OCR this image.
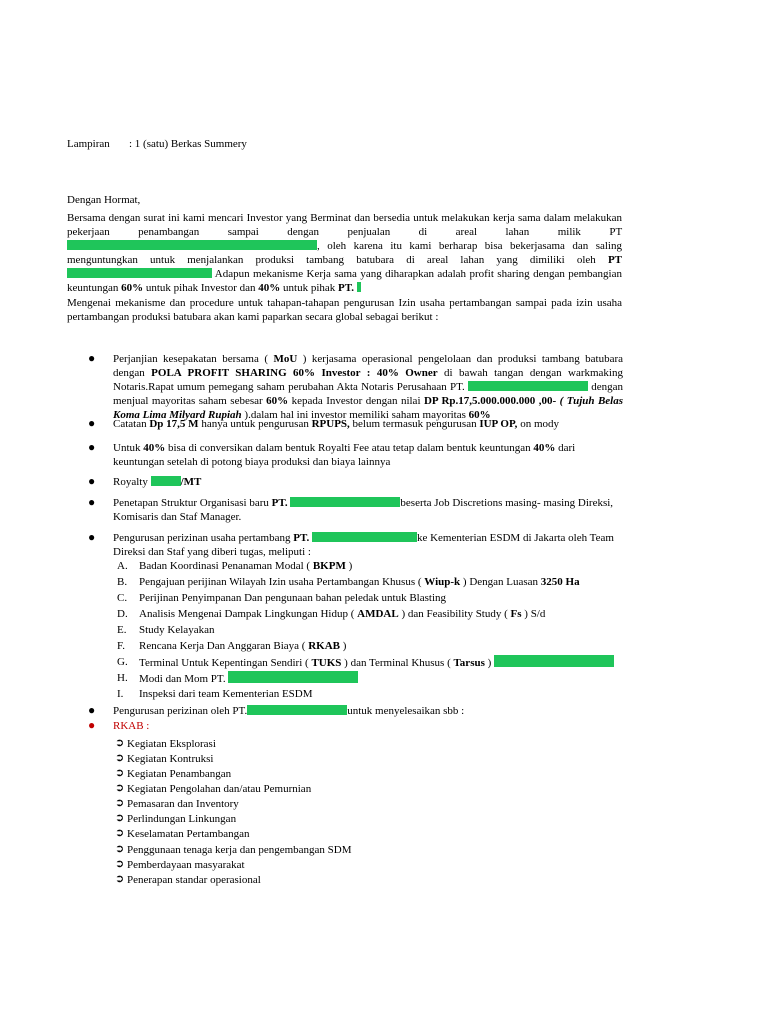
Lampiran : 1 (satu) Berkas Summery

Dengan Hormat,

Bersama dengan surat ini kami mencari Investor yang Berminat dan bersedia untuk melakukan kerja sama dalam melakukan pekerjaan penambangan sampai dengan penjualan di areal lahan milik PT , oleh karena itu kami berharap bisa bekerjasama dan saling menguntungkan untuk menjalankan produksi tambang batubara di areal lahan yang dimiliki oleh PT  Adapun mekanisme Kerja sama yang diharapkan adalah profit sharing dengan pembangian keuntungan 60% untuk pihak Investor dan 40% untuk pihak PT.

Mengenai mekanisme dan procedure untuk tahapan-tahapan pengurusan Izin usaha pertambangan sampai pada izin usaha pertambangan produksi batubara akan kami paparkan secara global sebagai berikut :

● Perjanjian kesepakatan bersama ( MoU ) kerjasama operasional pengelolaan dan produksi tambang batubara dengan POLA PROFIT SHARING 60% Investor : 40% Owner di bawah tangan dengan warkmaking Notaris.Rapat umum pemegang saham perubahan Akta Notaris Perusahaan PT.	dengan menjual mayoritas saham sebesar 60% kepada Investor dengan nilai DP Rp.17,5.000.000.000 ,00- ( Tujuh Belas Koma Lima Milyard Rupiah ).dalam hal ini investor memiliki saham mayoritas 60%
● Catatan Dp 17,5 M hanya untuk pengurusan RPUPS, belum termasuk pengurusan IUP OP, on mody
● Untuk 40% bisa di conversikan dalam bentuk Royalti Fee atau tetap dalam bentuk keuntungan 40% dari keuntungan setelah di potong biaya produksi dan biaya lainnya
● Royalty	/MT
● Penetapan Struktur Organisasi baru PT.	beserta Job Discretions masing- masing Direksi, Komisaris dan Staf Manager.
● Pengurusan perizinan usaha pertambang PT.	ke Kementerian ESDM di Jakarta oleh Team Direksi dan Staf yang diberi tugas, meliputi :
A. Badan Koordinasi Penanaman Modal ( BKPM )
B. Pengajuan perijinan Wilayah Izin usaha Pertambangan Khusus ( Wiup-k ) Dengan Luasan 3250 Ha
C. Perijinan Penyimpanan Dan pengunaan bahan peledak untuk Blasting
D. Analisis Mengenai Dampak Lingkungan Hidup ( AMDAL ) dan Feasibility Study ( Fs ) S/d
E. Study Kelayakan
F. Rencana Kerja Dan Anggaran Biaya ( RKAB )
G. Terminal Untuk Kepentingan Sendiri ( TUKS ) dan Terminal Khusus ( Tarsus )
H. Modi dan Mom PT.
I. Inspeksi dari team Kementerian ESDM
● Pengurusan perizinan oleh PT.	untuk menyelesaikan sbb :
● RKAB :
➲ Kegiatan Eksplorasi
➲ Kegiatan Kontruksi
➲ Kegiatan Penambangan
➲ Kegiatan Pengolahan dan/atau Pemurnian
➲ Pemasaran dan Inventory
➲ Perlindungan Linkungan
➲ Keselamatan Pertambangan
➲ Penggunaan tenaga kerja dan pengembangan SDM
➲ Pemberdayaan masyarakat
➲ Penerapan standar operasional
